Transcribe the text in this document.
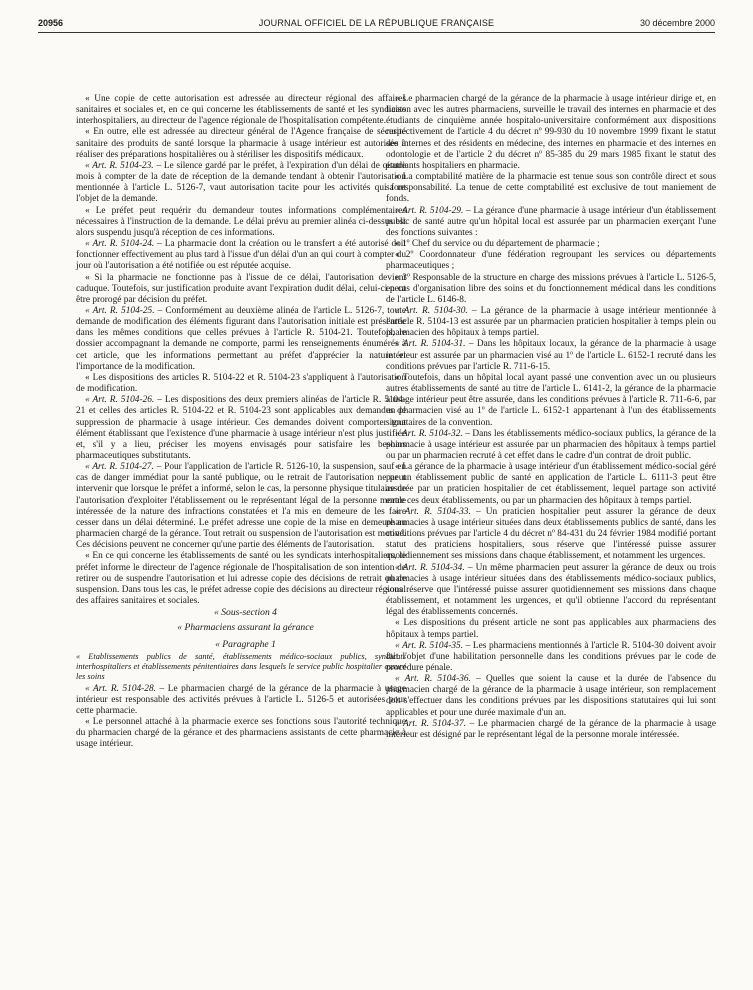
20956	JOURNAL OFFICIEL DE LA RÉPUBLIQUE FRANÇAISE	30 décembre 2000

« Une copie de cette autorisation est adressée au directeur régional des affaires sanitaires et sociales et, en ce qui concerne les établissements de santé et les syndicats interhospitaliers, au directeur de l'agence régionale de l'hospitalisation compétente.

« En outre, elle est adressée au directeur général de l'Agence française de sécurité sanitaire des produits de santé lorsque la pharmacie à usage intérieur est autorisée à réaliser des préparations hospitalières ou à stériliser les dispositifs médicaux.

« Art. R. 5104-23. – Le silence gardé par le préfet, à l'expiration d'un délai de quatre mois à compter de la date de réception de la demande tendant à obtenir l'autorisation mentionnée à l'article L. 5126-7, vaut autorisation tacite pour les activités qui font l'objet de la demande.

« Le préfet peut requérir du demandeur toutes informations complémentaires nécessaires à l'instruction de la demande. Le délai prévu au premier alinéa ci-dessus est alors suspendu jusqu'à réception de ces informations.

« Art. R. 5104-24. – La pharmacie dont la création ou le transfert a été autorisé doit fonctionner effectivement au plus tard à l'issue d'un délai d'un an qui court à compter du jour où l'autorisation a été notifiée ou est réputée acquise.

« Si la pharmacie ne fonctionne pas à l'issue de ce délai, l'autorisation devient caduque. Toutefois, sur justification produite avant l'expiration dudit délai, celui-ci peut être prorogé par décision du préfet.

« Art. R. 5104-25. – Conformément au deuxième alinéa de l'article L. 5126-7, toute demande de modification des éléments figurant dans l'autorisation initiale est présentée dans les mêmes conditions que celles prévues à l'article R. 5104-21. Toutefois, le dossier accompagnant la demande ne comporte, parmi les renseignements énumérés à cet article, que les informations permettant au préfet d'apprécier la nature et l'importance de la modification.

« Les dispositions des articles R. 5104-22 et R. 5104-23 s'appliquent à l'autorisation de modification.

« Art. R. 5104-26. – Les dispositions des deux premiers alinéas de l'article R. 5104-21 et celles des articles R. 5104-22 et R. 5104-23 sont applicables aux demandes de suppression de pharmacie à usage intérieur. Ces demandes doivent comporter tout élément établissant que l'existence d'une pharmacie à usage intérieur n'est plus justifiée et, s'il y a lieu, préciser les moyens envisagés pour satisfaire les besoins pharmaceutiques substitutants.

« Art. R. 5104-27. – Pour l'application de l'article R. 5126-10, la suspension, sauf en cas de danger immédiat pour la santé publique, ou le retrait de l'autorisation ne peut intervenir que lorsque le préfet a informé, selon le cas, la personne physique titulaire de l'autorisation d'exploiter l'établissement ou le représentant légal de la personne morale intéressée de la nature des infractions constatées et l'a mis en demeure de les faire cesser dans un délai déterminé. Le préfet adresse une copie de la mise en demeure au pharmacien chargé de la gérance. Tout retrait ou suspension de l'autorisation est motivé. Ces décisions peuvent ne concerner qu'une partie des éléments de l'autorisation.

« En ce qui concerne les établissements de santé ou les syndicats interhospitaliers, le préfet informe le directeur de l'agence régionale de l'hospitalisation de son intention de retirer ou de suspendre l'autorisation et lui adresse copie des décisions de retrait ou de suspension. Dans tous les cas, le préfet adresse copie des décisions au directeur régional des affaires sanitaires et sociales.

« Sous-section 4

« Pharmaciens assurant la gérance

« Paragraphe 1

« Etablissements publics de santé, établissements médico-sociaux publics, syndicats interhospitaliers et établissements pénitentiaires dans lesquels le service public hospitalier assure les soins

« Art. R. 5104-28. – Le pharmacien chargé de la gérance de la pharmacie à usage intérieur est responsable des activités prévues à l'article L. 5126-5 et autorisées pour cette pharmacie.

« Le personnel attaché à la pharmacie exerce ses fonctions sous l'autorité technique du pharmacien chargé de la gérance et des pharmaciens assistants de cette pharmacie à usage intérieur.

« Le pharmacien chargé de la gérance de la pharmacie à usage intérieur dirige et, en liaison avec les autres pharmaciens, surveille le travail des internes en pharmacie et des étudiants de cinquième année hospitalo-universitaire conformément aux dispositions respectivement de l'article 4 du décret nº 99-930 du 10 novembre 1999 fixant le statut des internes et des résidents en médecine, des internes en pharmacie et des internes en odontologie et de l'article 2 du décret nº 85-385 du 29 mars 1985 fixant le statut des étudiants hospitaliers en pharmacie.

« La comptabilité matière de la pharmacie est tenue sous son contrôle direct et sous sa responsabilité. La tenue de cette comptabilité est exclusive de tout maniement de fonds.

« Art. R. 5104-29. – La gérance d'une pharmacie à usage intérieur d'un établissement public de santé autre qu'un hôpital local est assurée par un pharmacien exerçant l'une des fonctions suivantes :

« 1º Chef du service ou du département de pharmacie ;

« 2º Coordonnateur d'une fédération regroupant les services ou départements pharmaceutiques ;

« 3º Responsable de la structure en charge des missions prévues à l'article L. 5126-5, en cas d'organisation libre des soins et du fonctionnement médical dans les conditions de l'article L. 6146-8.

« Art. R. 5104-30. – La gérance de la pharmacie à usage intérieur mentionnée à l'article R. 5104-13 est assurée par un pharmacien praticien hospitalier à temps plein ou pharmacien des hôpitaux à temps partiel.

« Art. R. 5104-31. – Dans les hôpitaux locaux, la gérance de la pharmacie à usage intérieur est assurée par un pharmacien visé au 1º de l'article L. 6152-1 recruté dans les conditions prévues par l'article R. 711-6-15.

« Toutefois, dans un hôpital local ayant passé une convention avec un ou plusieurs autres établissements de santé au titre de l'article L. 6141-2, la gérance de la pharmacie à usage intérieur peut être assurée, dans les conditions prévues à l'article R. 711-6-6, par un pharmacien visé au 1º de l'article L. 6152-1 appartenant à l'un des établissements signataires de la convention.

« Art. R. 5104-32. – Dans les établissements médico-sociaux publics, la gérance de la pharmacie à usage intérieur est assurée par un pharmacien des hôpitaux à temps partiel ou par un pharmacien recruté à cet effet dans le cadre d'un contrat de droit public.

« La gérance de la pharmacie à usage intérieur d'un établissement médico-social géré par un établissement public de santé en application de l'article L. 6111-3 peut être assurée par un praticien hospitalier de cet établissement, lequel partage son activité entre ces deux établissements, ou par un pharmacien des hôpitaux à temps partiel.

« Art. R. 5104-33. – Un praticien hospitalier peut assurer la gérance de deux pharmacies à usage intérieur situées dans deux établissements publics de santé, dans les conditions prévues par l'article 4 du décret nº 84-431 du 24 février 1984 modifié portant statut des praticiens hospitaliers, sous réserve que l'intéressé puisse assurer quotidiennement ses missions dans chaque établissement, et notamment les urgences.

« Art. R. 5104-34. – Un même pharmacien peut assurer la gérance de deux ou trois pharmacies à usage intérieur situées dans des établissements médico-sociaux publics, sous réserve que l'intéressé puisse assurer quotidiennement ses missions dans chaque établissement, et notamment les urgences, et qu'il obtienne l'accord du représentant légal des établissements concernés.

« Les dispositions du présent article ne sont pas applicables aux pharmaciens des hôpitaux à temps partiel.

« Art. R. 5104-35. – Les pharmaciens mentionnés à l'article R. 5104-30 doivent avoir fait l'objet d'une habilitation personnelle dans les conditions prévues par le code de procédure pénale.

« Art. R. 5104-36. – Quelles que soient la cause et la durée de l'absence du pharmacien chargé de la gérance de la pharmacie à usage intérieur, son remplacement doit s'effectuer dans les conditions prévues par les dispositions statutaires qui lui sont applicables et pour une durée maximale d'un an.

« Art. R. 5104-37. – Le pharmacien chargé de la gérance de la pharmacie à usage intérieur est désigné par le représentant légal de la personne morale intéressée.
